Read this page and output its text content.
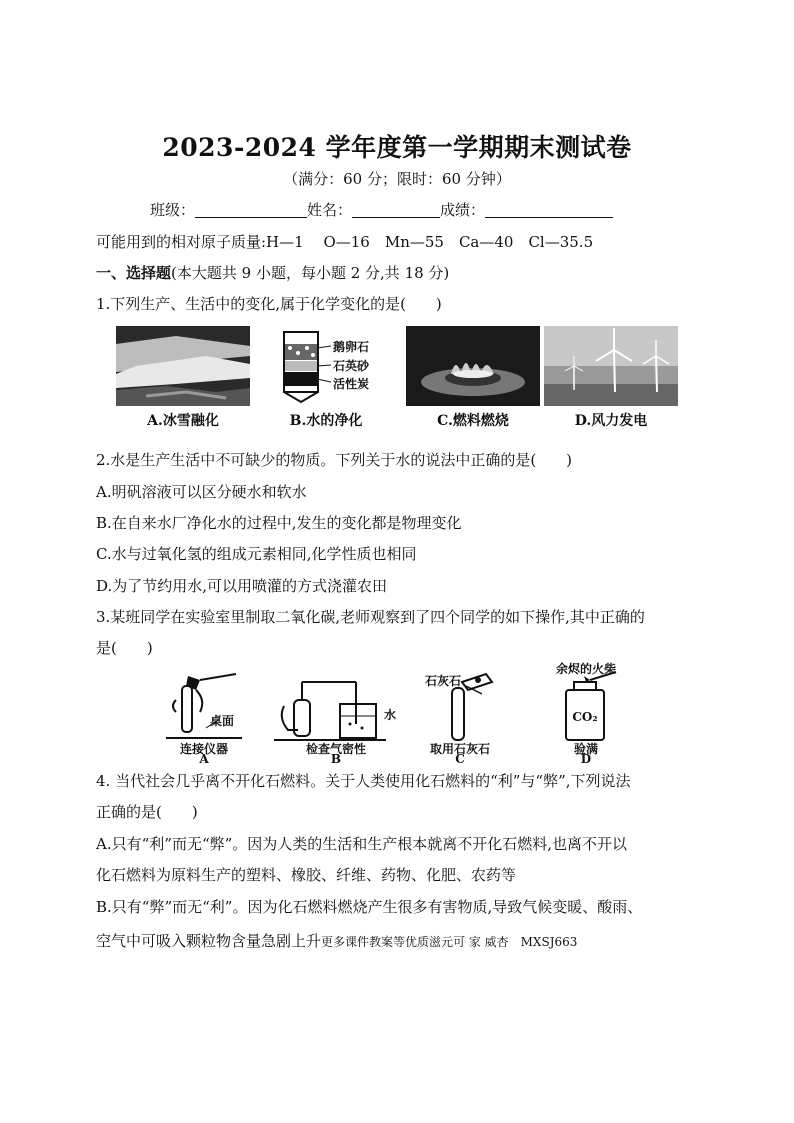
2023-2024 学年度第一学期期末测试卷
（满分：60 分；限时：60 分钟）
班级：	姓名：	成绩：
可能用到的相对原子质量:H—1　 O—16　Mn—55　Ca—40　Cl—35.5
一、选择题(本大题共 9 小题，每小题 2 分,共 18 分)
1.下列生产、生活中的变化,属于化学变化的是(　　)
鹅卵石
石英砂
活性炭
A.冰雪融化	B.水的净化	C.燃料燃烧	D.风力发电
2.水是生产生活中不可缺少的物质。下列关于水的说法中正确的是(　　)
A.明矾溶液可以区分硬水和软水
B.在自来水厂净化水的过程中,发生的变化都是物理变化
C.水与过氧化氢的组成元素相同,化学性质也相同
D.为了节约用水,可以用喷灌的方式浇灌农田
3.某班同学在实验室里制取二氧化碳,老师观察到了四个同学的如下操作,其中正确的
是(　　)
桌面	水
石灰石
余烬的火柴
CO₂
连接仪器
A
检查气密性
B
取用石灰石
C
验满
D
4. 当代社会几乎离不开化石燃料。关于人类使用化石燃料的“利”与“弊”,下列说法
正确的是(　　)
A.只有“利”而无“弊”。因为人类的生活和生产根本就离不开化石燃料,也离不开以
化石燃料为原料生产的塑料、橡胶、纤维、药物、化肥、农药等
B.只有“弊”而无“利”。因为化石燃料燃烧产生很多有害物质,导致气候变暖、酸雨、
空气中可吸入颗粒物含量急剧上升更多课件教案等优质滋元可 家 威杏　MXSJ663
